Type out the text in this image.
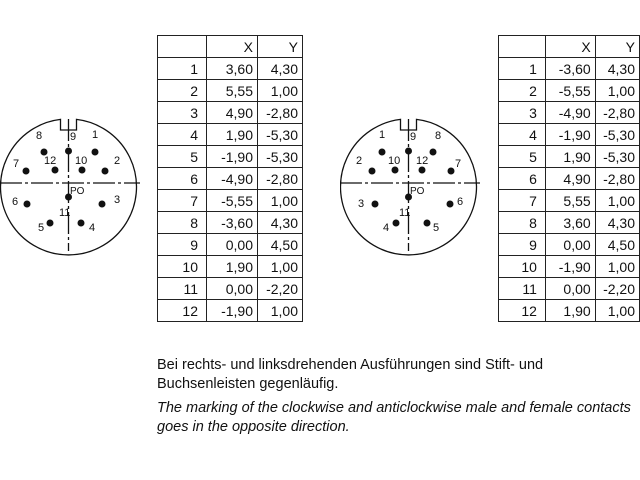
1
2
3
4
5
6
7
8	9
10
11
12
PO
	X	Y
1	3,60	4,30
2	5,55	1,00
3	4,90	-2,80
4	1,90	-5,30
5	-1,90	-5,30
6	-4,90	-2,80
7	-5,55	1,00
8	-3,60	4,30
9	0,00	4,50
10	1,90	1,00
11	0,00	-2,20
12	-1,90	1,00
1
2
3
4	5
6
7
8
9
10
11
12
PO
	X	Y
1	-3,60	4,30
2	-5,55	1,00
3	-4,90	-2,80
4	-1,90	-5,30
5	1,90	-5,30
6	4,90	-2,80
7	5,55	1,00
8	3,60	4,30
9	0,00	4,50
10	-1,90	1,00
11	0,00	-2,20
12	1,90	1,00
Bei rechts- und linksdrehenden Ausführungen sind Stift- und Buchsenleisten gegenläufig.
The marking of the clockwise and anticlockwise male and female contacts goes in the opposite direction.
